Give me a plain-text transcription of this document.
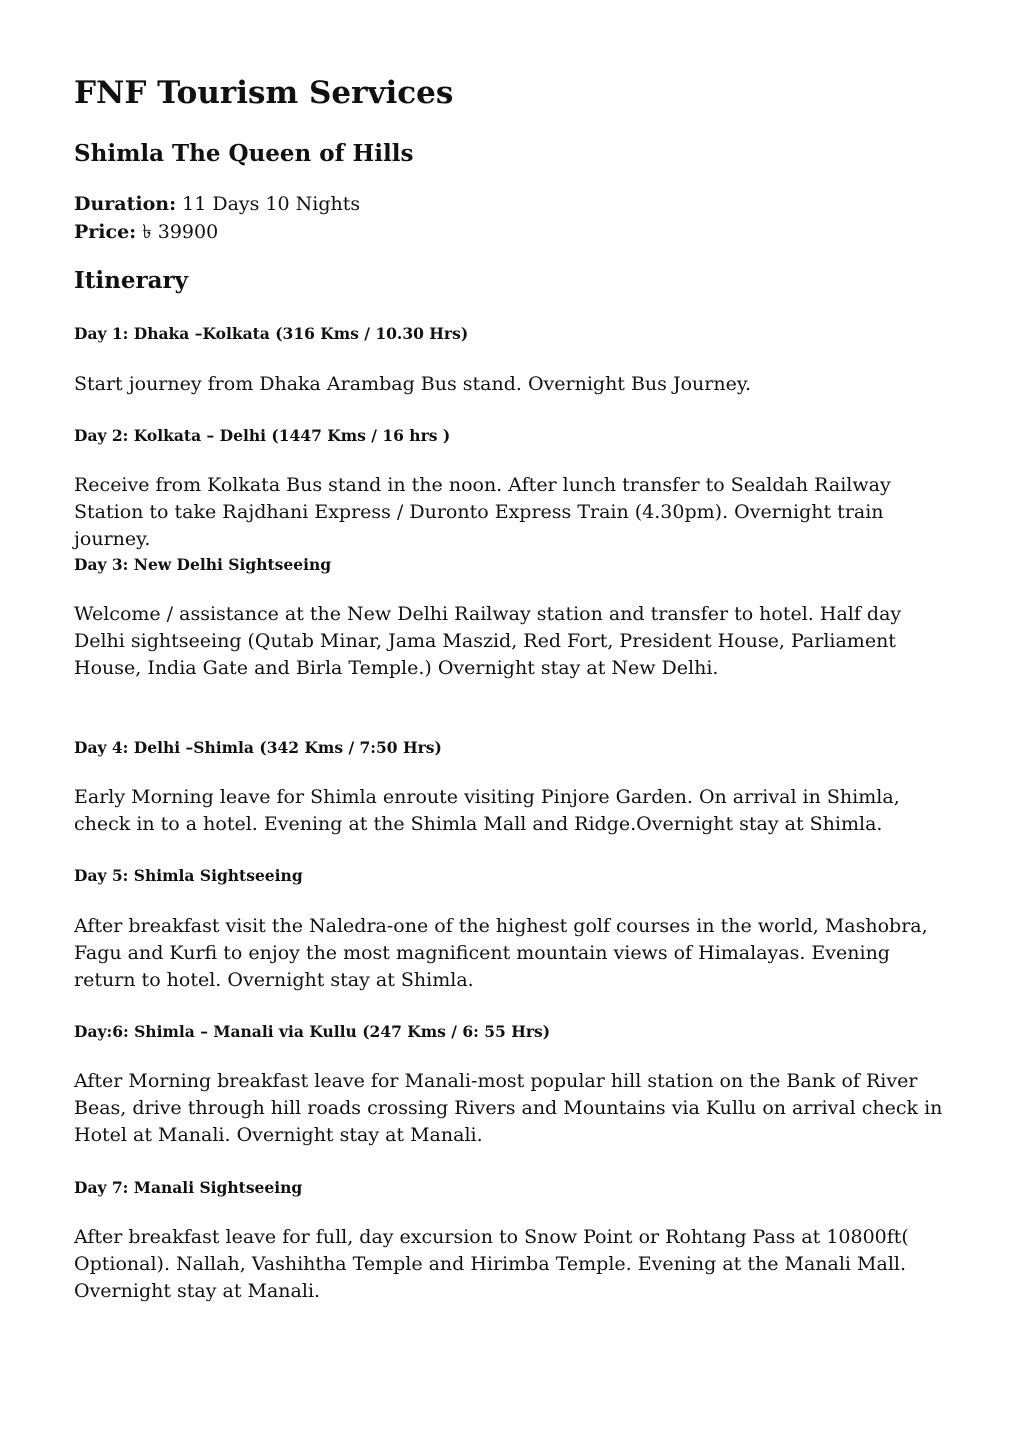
FNF Tourism Services
Shimla The Queen of Hills

Duration: 11 Days 10 Nights
Price: ৳ 39900

Itinerary
Day 1: Dhaka –Kolkata (316 Kms / 10.30 Hrs)

Start journey from Dhaka Arambag Bus stand. Overnight Bus Journey.

Day 2: Kolkata – Delhi (1447 Kms / 16 hrs )

Receive from Kolkata Bus stand in the noon. After lunch transfer to Sealdah Railway Station to take Rajdhani Express / Duronto Express Train (4.30pm). Overnight train journey.

Day 3: New Delhi Sightseeing

Welcome / assistance at the New Delhi Railway station and transfer to hotel. Half day Delhi sightseeing (Qutab Minar, Jama Maszid, Red Fort, President House, Parliament House, India Gate and Birla Temple.) Overnight stay at New Delhi.

Day 4: Delhi –Shimla (342 Kms / 7:50 Hrs)

Early Morning leave for Shimla enroute visiting Pinjore Garden. On arrival in Shimla, check in to a hotel. Evening at the Shimla Mall and Ridge.Overnight stay at Shimla.

Day 5: Shimla Sightseeing

After breakfast visit the Naledra-one of the highest golf courses in the world, Mashobra, Fagu and Kurfi to enjoy the most magnificent mountain views of Himalayas. Evening return to hotel. Overnight stay at Shimla.

Day:6: Shimla – Manali via Kullu (247 Kms / 6: 55 Hrs)

After Morning breakfast leave for Manali-most popular hill station on the Bank of River Beas, drive through hill roads crossing Rivers and Mountains via Kullu on arrival check in Hotel at Manali. Overnight stay at Manali.

Day 7: Manali Sightseeing

After breakfast leave for full, day excursion to Snow Point or Rohtang Pass at 10800ft( Optional). Nallah, Vashihtha Temple and Hirimba Temple. Evening at the Manali Mall. Overnight stay at Manali.
